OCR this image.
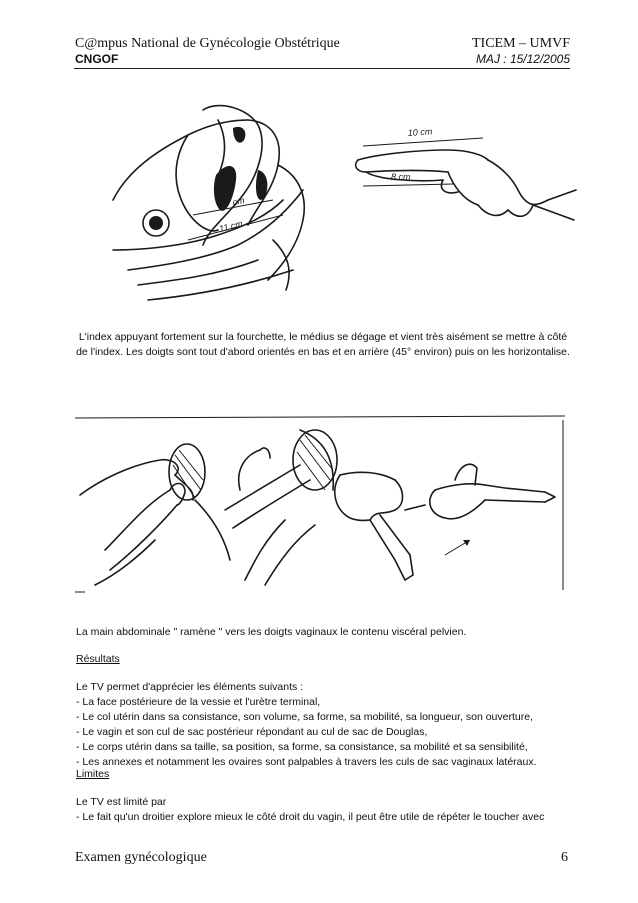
C@mpus National de Gynécologie Obstétrique	TICEM – UMVF
CNGOF	MAJ : 15/12/2005
7 cm
11 cm
10 cm
8 cm
L'index appuyant fortement sur la fourchette, le médius se dégage et vient très aisément se mettre à côté de l'index. Les doigts sont tout d'abord orientés en bas et en arrière (45° environ) puis on les horizontalise.
La main abdominale " ramène " vers les doigts vaginaux le contenu viscéral pelvien.
Résultats
Le TV permet d'apprécier les éléments suivants :
- La face postérieure de la vessie et l'urètre terminal,
- Le col utérin dans sa consistance, son volume, sa forme, sa mobilité, sa longueur, son ouverture,
- Le vagin et son cul de sac postérieur répondant au cul de sac de Douglas,
- Le corps utérin dans sa taille, sa position, sa forme, sa consistance, sa mobilité et sa sensibilité,
- Les annexes et notamment les ovaires sont palpables à travers les culs de sac vaginaux latéraux.
Limites
Le TV est limité par
- Le fait qu'un droitier explore mieux le côté droit du vagin, il peut être utile de répéter le toucher avec
Examen gynécologique	6
